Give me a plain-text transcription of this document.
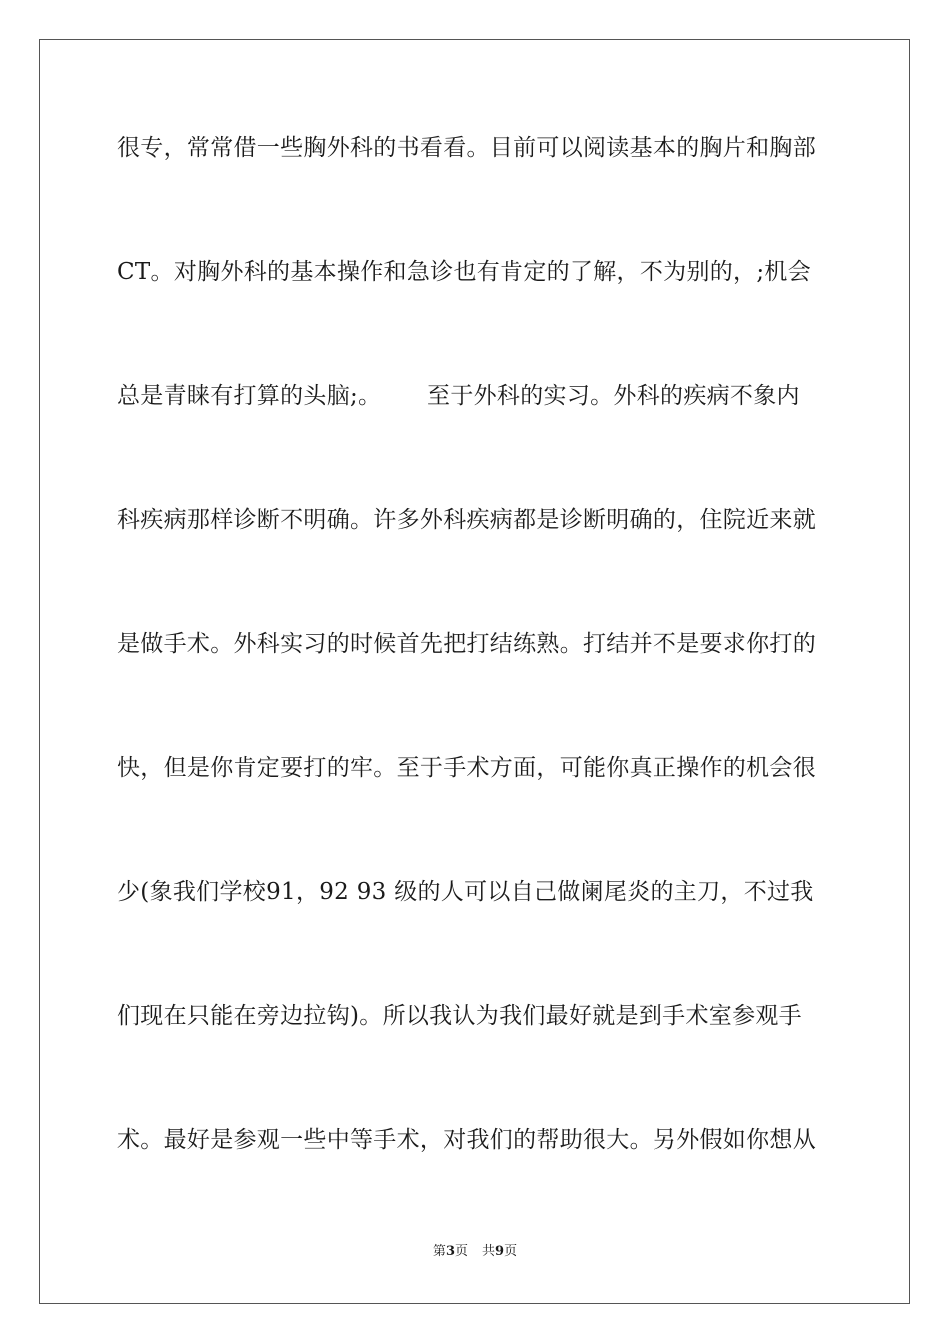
很专，常常借一些胸外科的书看看。目前可以阅读基本的胸片和胸部
CT。对胸外科的基本操作和急诊也有肯定的了解，不为别的，;机会
总是青睐有打算的头脑;。      至于外科的实习。外科的疾病不象内
科疾病那样诊断不明确。许多外科疾病都是诊断明确的，住院近来就
是做手术。外科实习的时候首先把打结练熟。打结并不是要求你打的
快，但是你肯定要打的牢。至于手术方面，可能你真正操作的机会很
少(象我们学校91，92 93 级的人可以自己做阑尾炎的主刀，不过我
们现在只能在旁边拉钩)。所以我认为我们最好就是到手术室参观手
术。最好是参观一些中等手术，对我们的帮助很大。另外假如你想从
第3页 共9页
